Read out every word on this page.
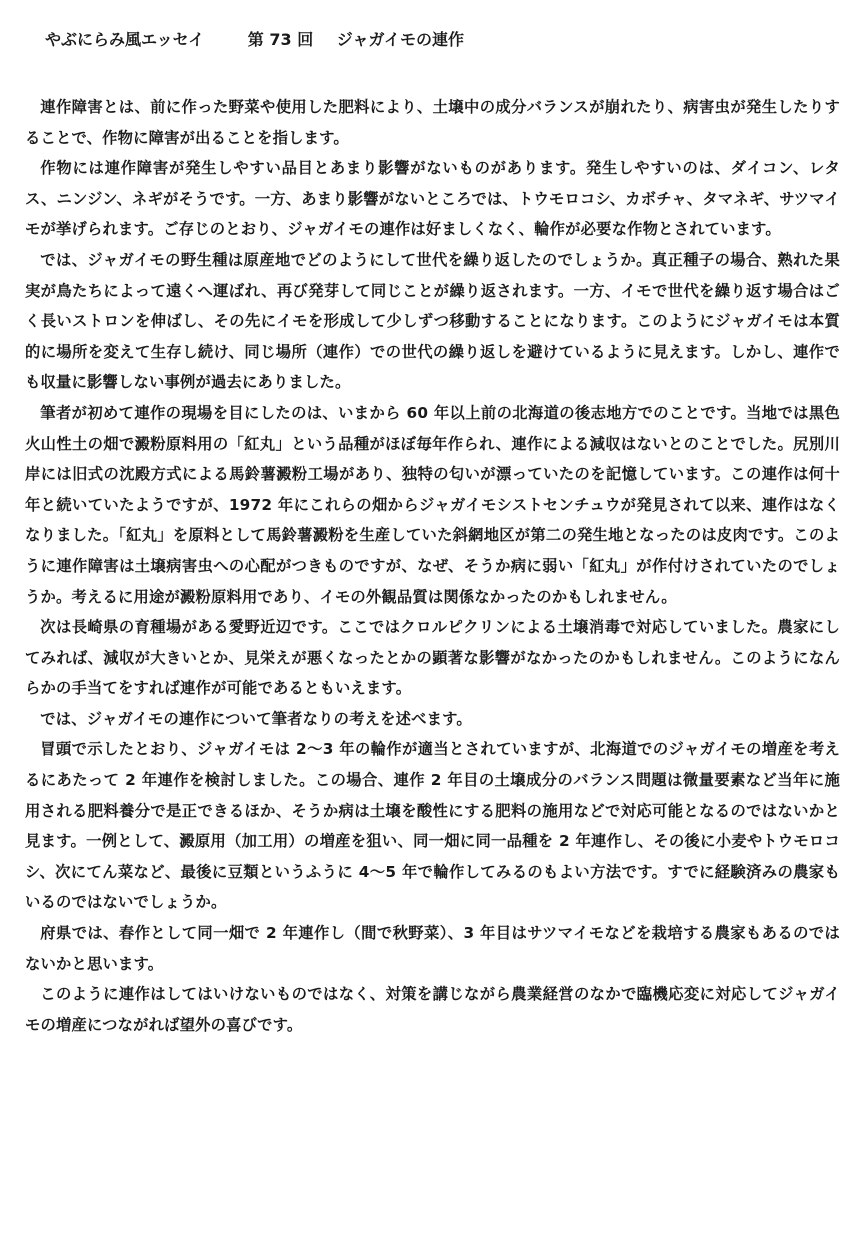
やぶにらみ風エッセイ	第 73 回 ジャガイモの連作

連作障害とは、前に作った野菜や使用した肥料により、土壌中の成分バランスが崩れたり、病害虫が発生したりすることで、作物に障害が出ることを指します。

作物には連作障害が発生しやすい品目とあまり影響がないものがあります。発生しやすいのは、ダイコン、レタス、ニンジン、ネギがそうです。一方、あまり影響がないところでは、トウモロコシ、カボチャ、タマネギ、サツマイモが挙げられます。ご存じのとおり、ジャガイモの連作は好ましくなく、輪作が必要な作物とされています。

では、ジャガイモの野生種は原産地でどのようにして世代を繰り返したのでしょうか。真正種子の場合、熟れた果実が鳥たちによって遠くへ運ばれ、再び発芽して同じことが繰り返されます。一方、イモで世代を繰り返す場合はごく長いストロンを伸ばし、その先にイモを形成して少しずつ移動することになります。このようにジャガイモは本質的に場所を変えて生存し続け、同じ場所（連作）での世代の繰り返しを避けているように見えます。しかし、連作でも収量に影響しない事例が過去にありました。

筆者が初めて連作の現場を目にしたのは、いまから 60 年以上前の北海道の後志地方でのことです。当地では黒色火山性土の畑で澱粉原料用の「紅丸」という品種がほぼ毎年作られ、連作による減収はないとのことでした。尻別川岸には旧式の沈殿方式による馬鈴薯澱粉工場があり、独特の匂いが漂っていたのを記憶しています。この連作は何十年と続いていたようですが、1972 年にこれらの畑からジャガイモシストセンチュウが発見されて以来、連作はなくなりました。「紅丸」を原料として馬鈴薯澱粉を生産していた斜網地区が第二の発生地となったのは皮肉です。このように連作障害は土壌病害虫への心配がつきものですが、なぜ、そうか病に弱い「紅丸」が作付けされていたのでしょうか。考えるに用途が澱粉原料用であり、イモの外観品質は関係なかったのかもしれません。

次は長崎県の育種場がある愛野近辺です。ここではクロルピクリンによる土壌消毒で対応していました。農家にしてみれば、減収が大きいとか、見栄えが悪くなったとかの顕著な影響がなかったのかもしれません。このようになんらかの手当てをすれば連作が可能であるともいえます。

では、ジャガイモの連作について筆者なりの考えを述べます。

冒頭で示したとおり、ジャガイモは 2～3 年の輪作が適当とされていますが、北海道でのジャガイモの増産を考えるにあたって 2 年連作を検討しました。この場合、連作 2 年目の土壌成分のバランス問題は微量要素など当年に施用される肥料養分で是正できるほか、そうか病は土壌を酸性にする肥料の施用などで対応可能となるのではないかと見ます。一例として、澱原用（加工用）の増産を狙い、同一畑に同一品種を 2 年連作し、その後に小麦やトウモロコシ、次にてん菜など、最後に豆類というふうに 4～5 年で輪作してみるのもよい方法です。すでに経験済みの農家もいるのではないでしょうか。

府県では、春作として同一畑で 2 年連作し（間で秋野菜）、3 年目はサツマイモなどを栽培する農家もあるのではないかと思います。

このように連作はしてはいけないものではなく、対策を講じながら農業経営のなかで臨機応変に対応してジャガイモの増産につながれば望外の喜びです。
